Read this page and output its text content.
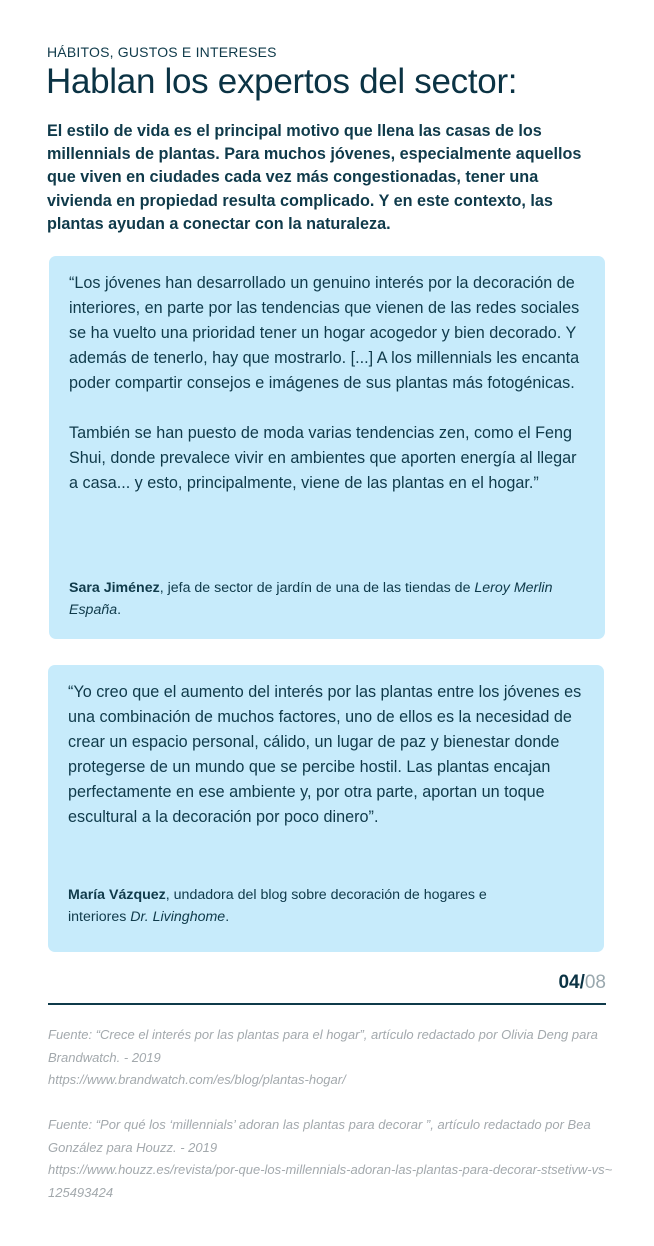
HÁBITOS, GUSTOS E INTERESES
Hablan los expertos del sector:

El estilo de vida es el principal motivo que llena las casas de los millennials de plantas. Para muchos jóvenes, especialmente aquellos que viven en ciudades cada vez más congestionadas, tener una vivienda en propiedad resulta complicado. Y en este contexto, las plantas ayudan a conectar con la naturaleza.

“Los jóvenes han desarrollado un genuino interés por la decoración de interiores, en parte por las tendencias que vienen de las redes sociales se ha vuelto una prioridad tener un hogar acogedor y bien decorado. Y además de tenerlo, hay que mostrarlo. [...] A los millennials les encanta poder compartir consejos e imágenes de sus plantas más fotogénicas.

También se han puesto de moda varias tendencias zen, como el Feng Shui, donde prevalece vivir en ambientes que aporten energía al llegar a casa... y esto, principalmente, viene de las plantas en el hogar.”
Sara Jiménez, jefa de sector de jardín de una de las tiendas de Leroy Merlin España.
“Yo creo que el aumento del interés por las plantas entre los jóvenes es una combinación de muchos factores, uno de ellos es la necesidad de crear un espacio personal, cálido, un lugar de paz y bienestar donde protegerse de un mundo que se percibe hostil. Las plantas encajan perfectamente en ese ambiente y, por otra parte, aportan un toque escultural a la decoración por poco dinero”.
María Vázquez, undadora del blog sobre decoración de hogares e interiores Dr. Livinghome.
04/08
Fuente: “Crece el interés por las plantas para el hogar”, artículo redactado por Olivia Deng para Brandwatch. - 2019
https://www.brandwatch.com/es/blog/plantas-hogar/
Fuente: “Por qué los ‘millennials’ adoran las plantas para decorar ”, artículo redactado por Bea González para Houzz. - 2019
https://www.houzz.es/revista/por-que-los-millennials-adoran-las-plantas-para-decorar-stsetivw-vs~125493424
